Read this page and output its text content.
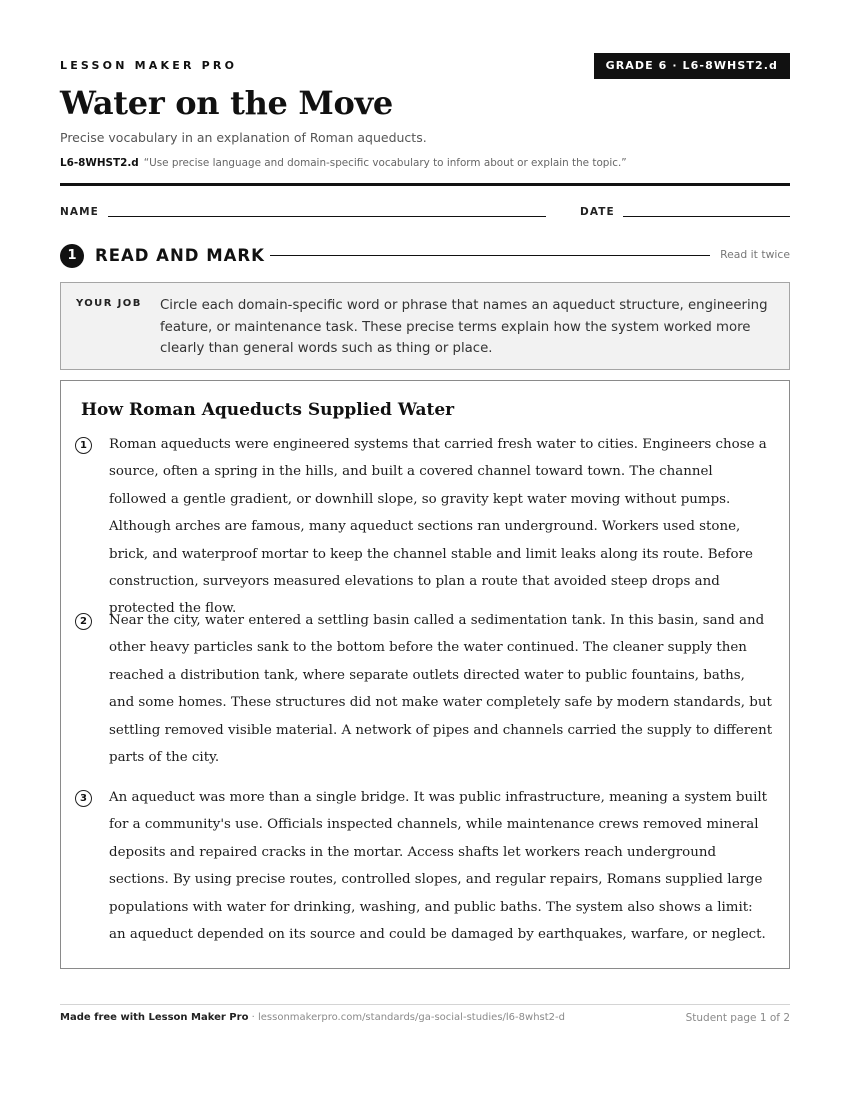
LESSON MAKER PRO	GRADE 6 · L6-8WHST2.d
Water on the Move
Precise vocabulary in an explanation of Roman aqueducts.
L6-8WHST2.d “Use precise language and domain-specific vocabulary to inform about or explain the topic.”
NAME	DATE
1	READ AND MARK	Read it twice
YOUR JOB Circle each domain-specific word or phrase that names an aqueduct structure, engineering feature, or maintenance task. These precise terms explain how the system worked more clearly than general words such as thing or place.
How Roman Aqueducts Supplied Water
1	Roman aqueducts were engineered systems that carried fresh water to cities. Engineers chose a source, often a spring in the hills, and built a covered channel toward town. The channel followed a gentle gradient, or downhill slope, so gravity kept water moving without pumps. Although arches are famous, many aqueduct sections ran underground. Workers used stone, brick, and waterproof mortar to keep the channel stable and limit leaks along its route. Before construction, surveyors measured elevations to plan a route that avoided steep drops and protected the flow.
2	Near the city, water entered a settling basin called a sedimentation tank. In this basin, sand and other heavy particles sank to the bottom before the water continued. The cleaner supply then reached a distribution tank, where separate outlets directed water to public fountains, baths, and some homes. These structures did not make water completely safe by modern standards, but settling removed visible material. A network of pipes and channels carried the supply to different parts of the city.
3	An aqueduct was more than a single bridge. It was public infrastructure, meaning a system built for a community's use. Officials inspected channels, while maintenance crews removed mineral deposits and repaired cracks in the mortar. Access shafts let workers reach underground sections. By using precise routes, controlled slopes, and regular repairs, Romans supplied large populations with water for drinking, washing, and public baths. The system also shows a limit: an aqueduct depended on its source and could be damaged by earthquakes, warfare, or neglect.
Made free with Lesson Maker Pro · lessonmakerpro.com/standards/ga-social-studies/l6-8whst2-d	Student page 1 of 2
